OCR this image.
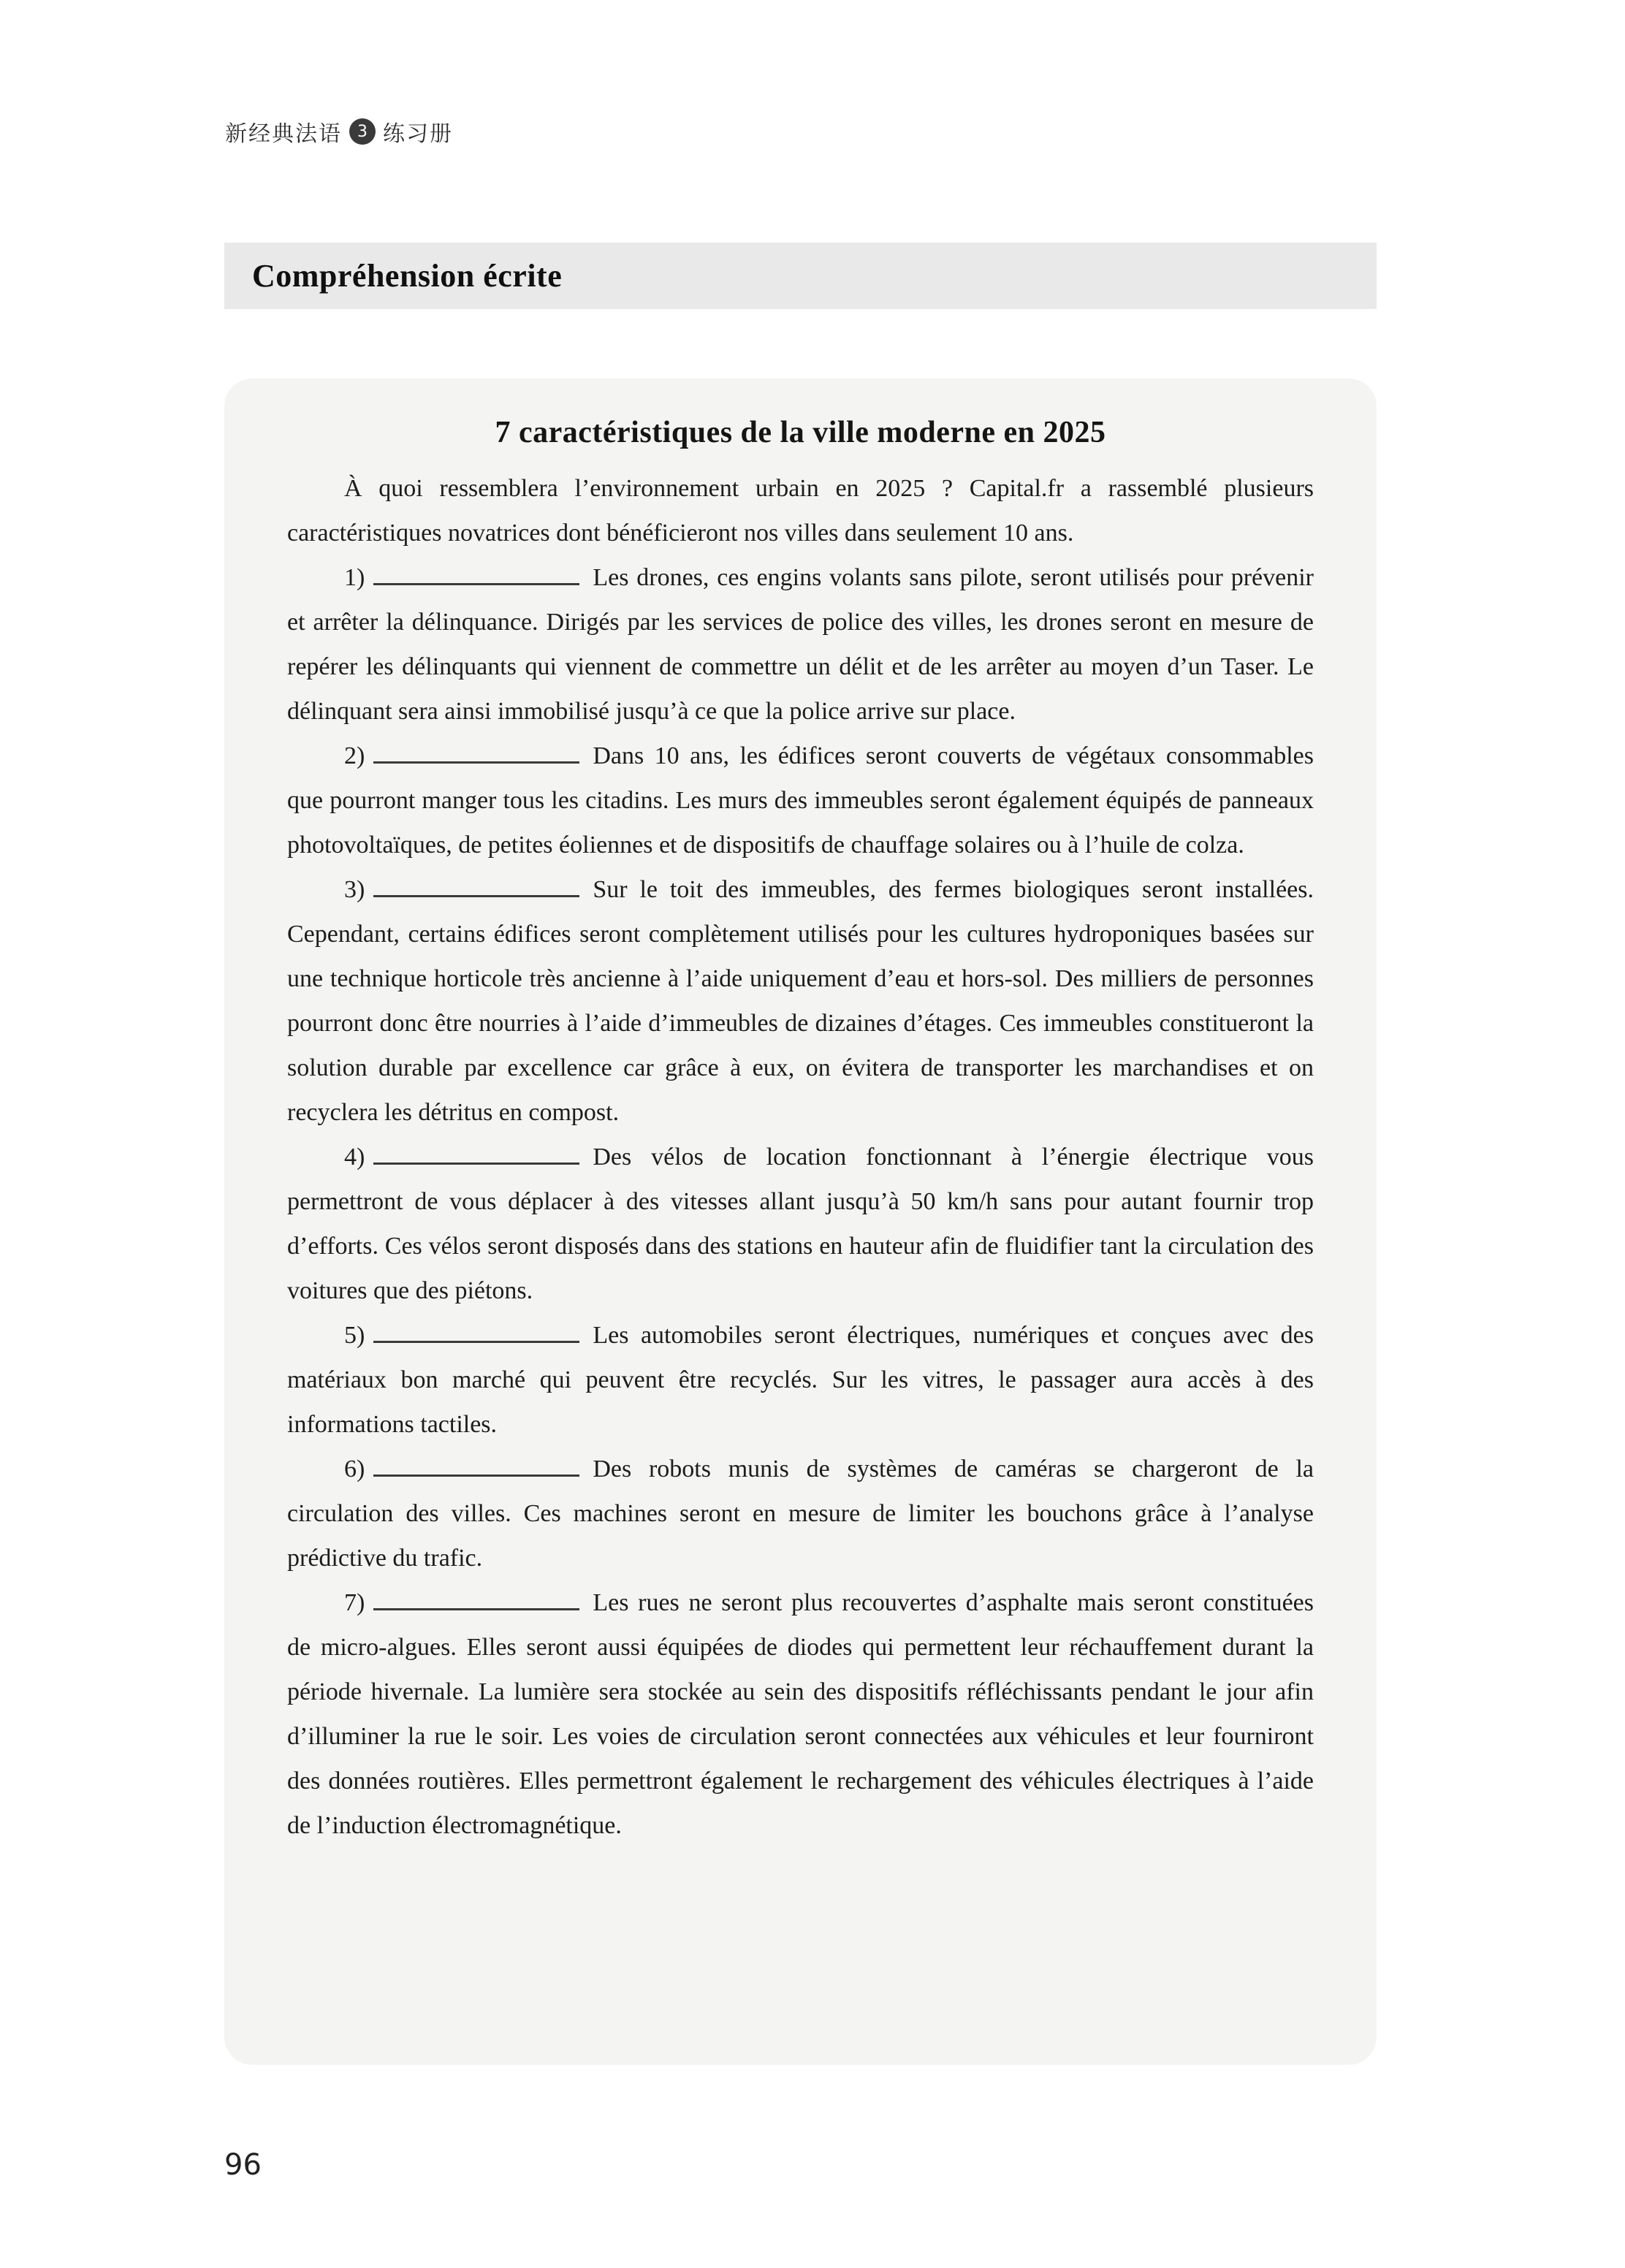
新经典法语 3 练习册
Compréhension écrite
7 caractéristiques de la ville moderne en 2025

À quoi ressemblera l’environnement urbain en 2025 ? Capital.fr a rassemblé plusieurs caractéristiques novatrices dont bénéficieront nos villes dans seulement 10 ans.

1)	Les drones, ces engins volants sans pilote, seront utilisés pour prévenir et arrêter la délinquance. Dirigés par les services de police des villes, les drones seront en mesure de repérer les délinquants qui viennent de commettre un délit et de les arrêter au moyen d’un Taser. Le délinquant sera ainsi immobilisé jusqu’à ce que la police arrive sur place.

2)	Dans 10 ans, les édifices seront couverts de végétaux consommables que pourront manger tous les citadins. Les murs des immeubles seront également équipés de panneaux photovoltaïques, de petites éoliennes et de dispositifs de chauffage solaires ou à l’huile de colza.

3)	Sur le toit des immeubles, des fermes biologiques seront installées. Cependant, certains édifices seront complètement utilisés pour les cultures hydroponiques basées sur une technique horticole très ancienne à l’aide uniquement d’eau et hors-sol. Des milliers de personnes pourront donc être nourries à l’aide d’immeubles de dizaines d’étages. Ces immeubles constitueront la solution durable par excellence car grâce à eux, on évitera de transporter les marchandises et on recyclera les détritus en compost.

4)	Des vélos de location fonctionnant à l’énergie électrique vous permettront de vous déplacer à des vitesses allant jusqu’à 50 km/h sans pour autant fournir trop d’efforts. Ces vélos seront disposés dans des stations en hauteur afin de fluidifier tant la circulation des voitures que des piétons.

5)	Les automobiles seront électriques, numériques et conçues avec des matériaux bon marché qui peuvent être recyclés. Sur les vitres, le passager aura accès à des informations tactiles.

6)	Des robots munis de systèmes de caméras se chargeront de la circulation des villes. Ces machines seront en mesure de limiter les bouchons grâce à l’analyse prédictive du trafic.

7)	Les rues ne seront plus recouvertes d’asphalte mais seront constituées de micro-algues. Elles seront aussi équipées de diodes qui permettent leur réchauffement durant la période hivernale. La lumière sera stockée au sein des dispositifs réfléchissants pendant le jour afin d’illuminer la rue le soir. Les voies de circulation seront connectées aux véhicules et leur fourniront des données routières. Elles permettront également le rechargement des véhicules électriques à l’aide de l’induction électromagnétique.

96
